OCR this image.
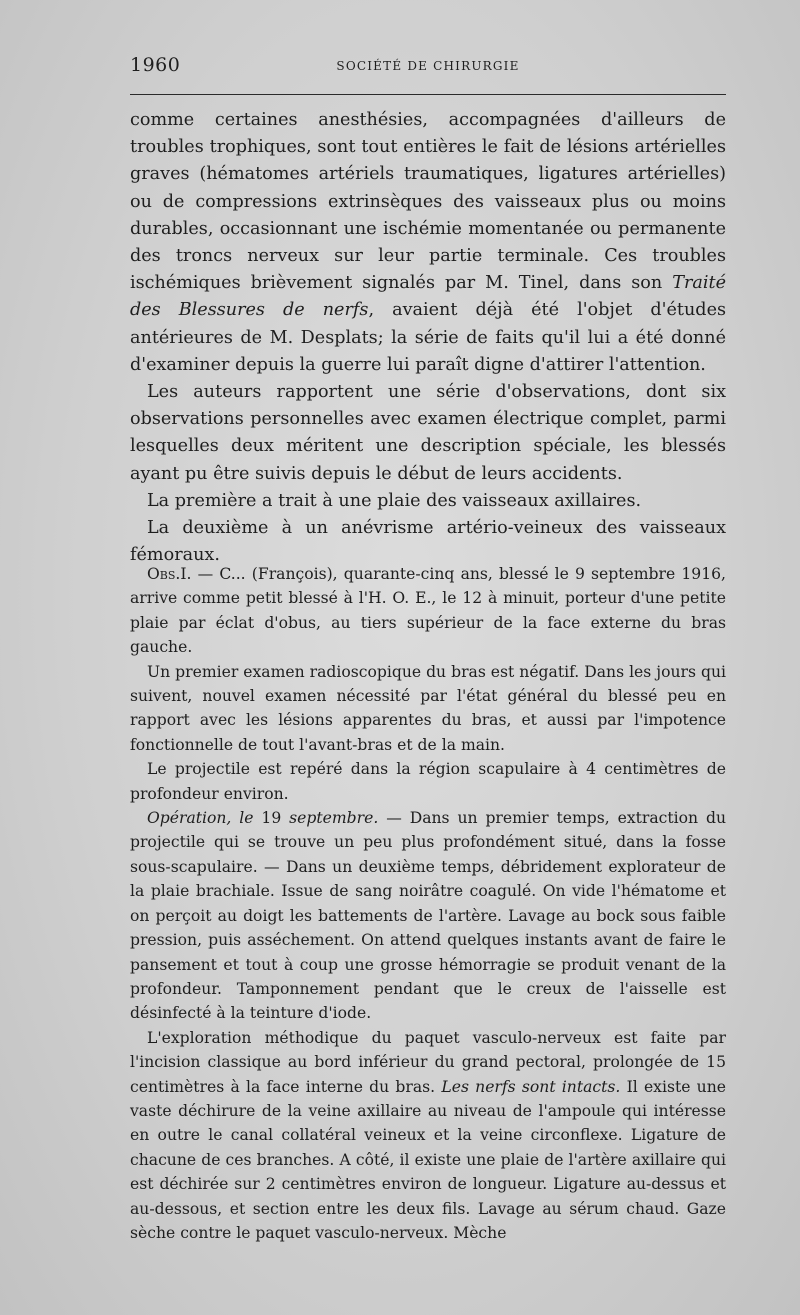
1960	SOCIÉTÉ DE CHIRURGIE

comme certaines anesthésies, accompagnées d'ailleurs de troubles trophiques, sont tout entières le fait de lésions artérielles graves (hématomes artériels traumatiques, ligatures artérielles) ou de compressions extrinsèques des vaisseaux plus ou moins durables, occasionnant une ischémie momentanée ou permanente des troncs nerveux sur leur partie terminale. Ces troubles ischémiques brièvement signalés par M. Tinel, dans son Traité des Blessures de nerfs, avaient déjà été l'objet d'études antérieures de M. Desplats; la série de faits qu'il lui a été donné d'examiner depuis la guerre lui paraît digne d'attirer l'attention.

Les auteurs rapportent une série d'observations, dont six observations personnelles avec examen électrique complet, parmi lesquelles deux méritent une description spéciale, les blessés ayant pu être suivis depuis le début de leurs accidents.

La première a trait à une plaie des vaisseaux axillaires.

La deuxième à un anévrisme artério-veineux des vaisseaux fémoraux.

Obs.I. — C... (François), quarante-cinq ans, blessé le 9 septembre 1916, arrive comme petit blessé à l'H. O. E., le 12 à minuit, porteur d'une petite plaie par éclat d'obus, au tiers supérieur de la face externe du bras gauche.

Un premier examen radioscopique du bras est négatif. Dans les jours qui suivent, nouvel examen nécessité par l'état général du blessé peu en rapport avec les lésions apparentes du bras, et aussi par l'impotence fonctionnelle de tout l'avant-bras et de la main.

Le projectile est repéré dans la région scapulaire à 4 centimètres de profondeur environ.

Opération, le 19 septembre. — Dans un premier temps, extraction du projectile qui se trouve un peu plus profondément situé, dans la fosse sous-scapulaire. — Dans un deuxième temps, débridement explorateur de la plaie brachiale. Issue de sang noirâtre coagulé. On vide l'hématome et on perçoit au doigt les battements de l'artère. Lavage au bock sous faible pression, puis asséchement. On attend quelques instants avant de faire le pansement et tout à coup une grosse hémorragie se produit venant de la profondeur. Tamponnement pendant que le creux de l'aisselle est désinfecté à la teinture d'iode.

L'exploration méthodique du paquet vasculo-nerveux est faite par l'incision classique au bord inférieur du grand pectoral, prolongée de 15 centimètres à la face interne du bras. Les nerfs sont intacts. Il existe une vaste déchirure de la veine axillaire au niveau de l'ampoule qui intéresse en outre le canal collatéral veineux et la veine circonflexe. Ligature de chacune de ces branches. A côté, il existe une plaie de l'artère axillaire qui est déchirée sur 2 centimètres environ de longueur. Ligature au-dessus et au-dessous, et section entre les deux fils. Lavage au sérum chaud. Gaze sèche contre le paquet vasculo-nerveux. Mèche
